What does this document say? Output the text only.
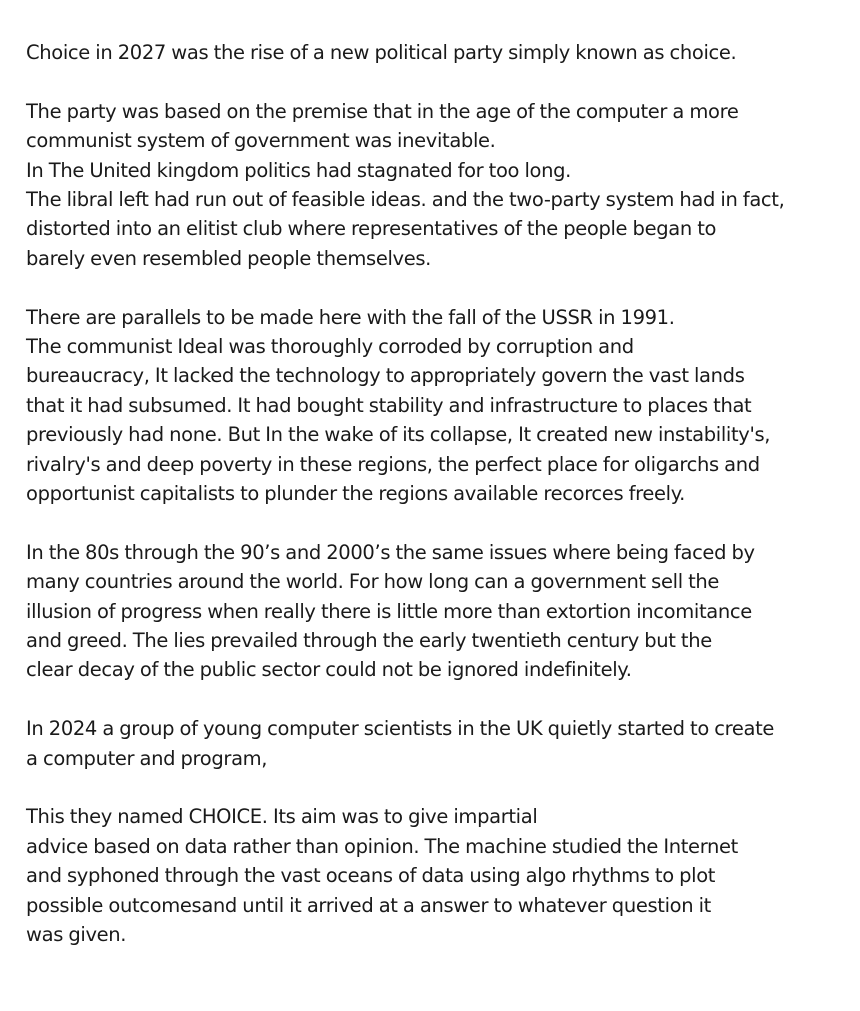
Choice in 2027 was the rise of a new political party simply known as choice.
The party was based on the premise that in the age of the computer a more
communist system of government was inevitable.
In The United kingdom politics had stagnated for too long.
The libral left had run out of feasible ideas. and the two-party system had in fact,
distorted into an elitist club where representatives of the people began to
barely even resembled people themselves.
There are parallels to be made here with the fall of the USSR in 1991.
The communist Ideal was thoroughly corroded by corruption and
bureaucracy, It lacked the technology to appropriately govern the vast lands
that it had subsumed. It had bought stability and infrastructure to places that
previously had none. But In the wake of its collapse, It created new instability's,
rivalry's and deep poverty in these regions, the perfect place for oligarchs and
opportunist capitalists to plunder the regions available recorces freely.
In the 80s through the 90’s and 2000’s the same issues where being faced by
many countries around the world. For how long can a government sell the
illusion of progress when really there is little more than extortion incomitance
and greed. The lies prevailed through the early twentieth century but the
clear decay of the public sector could not be ignored indefinitely.
In 2024 a group of young computer scientists in the UK quietly started to create
a computer and program,
This they named CHOICE. Its aim was to give impartial
advice based on data rather than opinion. The machine studied the Internet
and syphoned through the vast oceans of data using algo rhythms to plot
possible outcomesand until it arrived at a answer to whatever question it
was given.
